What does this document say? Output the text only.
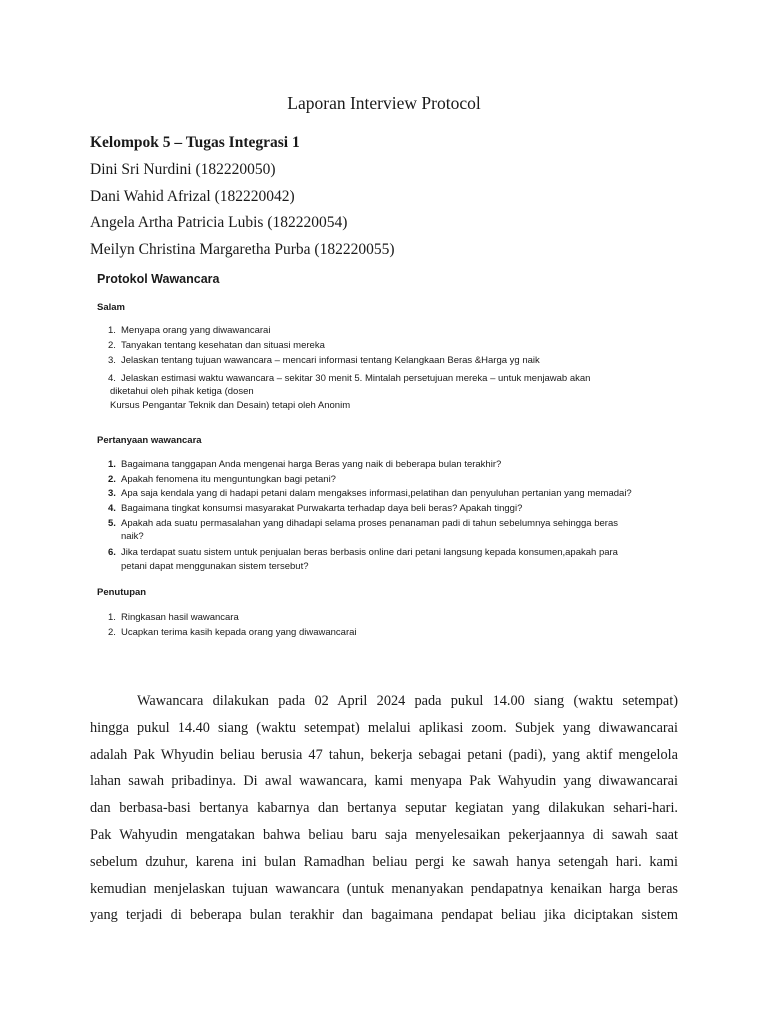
Laporan Interview Protocol
Kelompok 5 – Tugas Integrasi 1
Dini Sri Nurdini (182220050)
Dani Wahid Afrizal (182220042)
Angela Artha Patricia Lubis (182220054)
Meilyn Christina Margaretha Purba (182220055)
Protokol Wawancara
Salam
1. Menyapa orang yang diwawancarai
2. Tanyakan tentang kesehatan dan situasi mereka
3. Jelaskan tentang tujuan wawancara – mencari informasi tentang Kelangkaan Beras &Harga yg naik
4. Jelaskan estimasi waktu wawancara – sekitar 30 menit 5. Mintalah persetujuan mereka – untuk menjawab akan
diketahui oleh pihak ketiga (dosen
Kursus Pengantar Teknik dan Desain) tetapi oleh Anonim
Pertanyaan wawancara
1. Bagaimana tanggapan Anda mengenai harga Beras yang naik di beberapa bulan terakhir?
2. Apakah fenomena itu menguntungkan bagi petani?
3. Apa saja kendala yang di hadapi petani dalam mengakses informasi,pelatihan dan penyuluhan pertanian yang memadai?
4. Bagaimana tingkat konsumsi masyarakat Purwakarta terhadap daya beli beras? Apakah tinggi?
5. Apakah ada suatu permasalahan yang dihadapi selama proses penanaman padi di tahun sebelumnya sehingga beras
naik?
6. Jika terdapat suatu sistem untuk penjualan beras berbasis online dari petani langsung kepada konsumen,apakah para
petani dapat menggunakan sistem tersebut?
Penutupan
1. Ringkasan hasil wawancara
2. Ucapkan terima kasih kepada orang yang diwawancarai
Wawancara dilakukan pada 02 April 2024 pada pukul 14.00 siang (waktu setempat)
hingga pukul 14.40 siang (waktu setempat) melalui aplikasi zoom. Subjek yang diwawancarai
adalah Pak Whyudin beliau berusia 47 tahun, bekerja sebagai petani (padi), yang aktif mengelola
lahan sawah pribadinya. Di awal wawancara, kami menyapa Pak Wahyudin yang diwawancarai
dan berbasa-basi bertanya kabarnya dan bertanya seputar kegiatan yang dilakukan sehari-hari.
Pak Wahyudin mengatakan bahwa beliau baru saja menyelesaikan pekerjaannya di sawah saat
sebelum dzuhur, karena ini bulan Ramadhan beliau pergi ke sawah hanya setengah hari. kami
kemudian menjelaskan tujuan wawancara (untuk menanyakan pendapatnya kenaikan harga beras
yang terjadi di beberapa bulan terakhir dan bagaimana pendapat beliau jika diciptakan sistem
